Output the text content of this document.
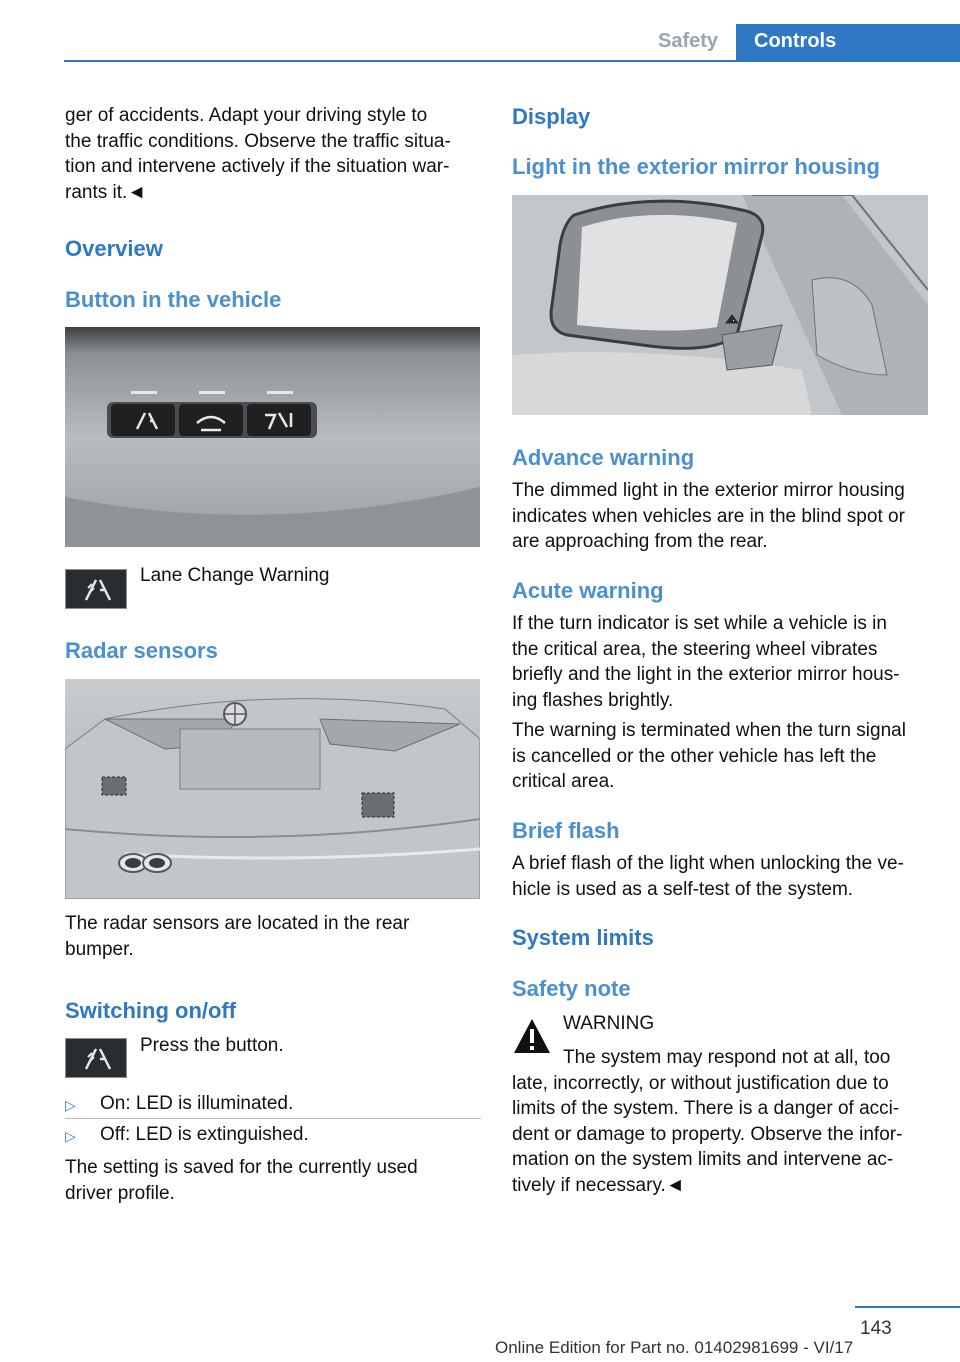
Safety	Controls

ger of accidents. Adapt your driving style to

the traffic conditions. Observe the traffic situa-

tion and intervene actively if the situation war-

rants it.◄

Overview
Button in the vehicle
Lane Change Warning
Radar sensors

The radar sensors are located in the rear

bumper.

Switching on/off
Press the button.
▷ On: LED is illuminated.
▷ Off: LED is extinguished.

The setting is saved for the currently used

driver profile.

Display
Light in the exterior mirror housing
Advance warning

The dimmed light in the exterior mirror housing

indicates when vehicles are in the blind spot or

are approaching from the rear.

Acute warning

If the turn indicator is set while a vehicle is in

the critical area, the steering wheel vibrates

briefly and the light in the exterior mirror hous-

ing flashes brightly.

The warning is terminated when the turn signal

is cancelled or the other vehicle has left the

critical area.

Brief flash

A brief flash of the light when unlocking the ve-

hicle is used as a self-test of the system.

System limits
Safety note
WARNING

The system may respond not at all, too

late, incorrectly, or without justification due to

limits of the system. There is a danger of acci-

dent or damage to property. Observe the infor-

mation on the system limits and intervene ac-

tively if necessary.◄

143
Online Edition for Part no. 01402981699 - VI/17
